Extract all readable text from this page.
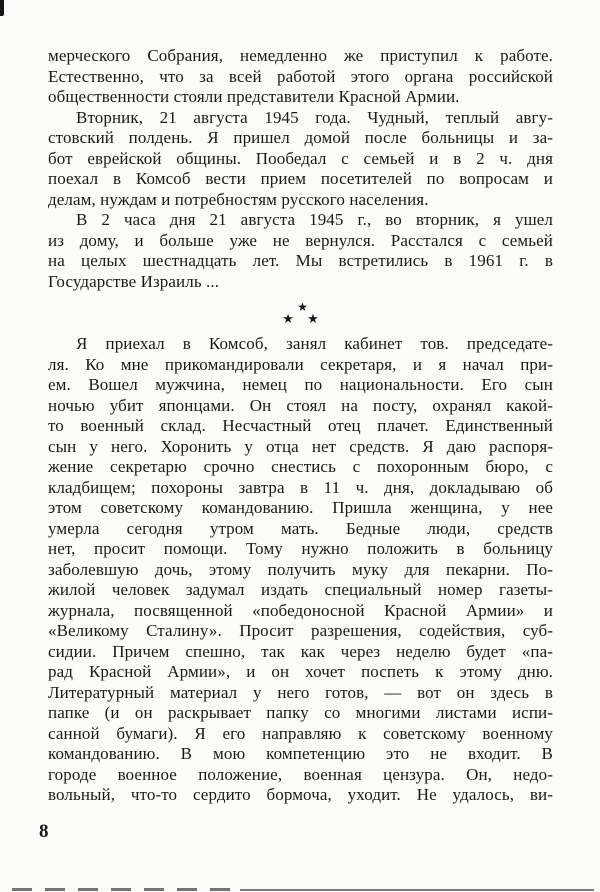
мерческого Собрания, немедленно же приступил к работе.
Естественно, что за всей работой этого органа российской
общественности стояли представители Красной Армии.
Вторник, 21 августа 1945 года. Чудный, теплый авгу-
стовский полдень. Я пришел домой после больницы и за-
бот еврейской общины. Пообедал с семьей и в 2 ч. дня
поехал в Комсоб вести прием посетителей по вопросам и
делам, нуждам и потребностям русского населения.
В 2 часа дня 21 августа 1945 г., во вторник, я ушел
из дому, и больше уже не вернулся. Расстался с семьей
на целых шестнадцать лет. Мы встретились в 1961 г. в
Государстве Израиль ...
★
★ ★
Я приехал в Комсоб, занял кабинет тов. председате-
ля. Ко мне прикомандировали секретаря, и я начал при-
ем. Вошел мужчина, немец по национальности. Его сын
ночью убит японцами. Он стоял на посту, охранял какой-
то военный склад. Несчастный отец плачет. Единственный
сын у него. Хоронить у отца нет средств. Я даю распоря-
жение секретарю срочно снестись с похоронным бюро, с
кладбищем; похороны завтра в 11 ч. дня, докладываю об
этом советскому командованию. Пришла женщина, у нее
умерла сегодня утром мать. Бедные люди, средств
нет, просит помощи. Тому нужно положить в больницу
заболевшую дочь, этому получить муку для пекарни. По-
жилой человек задумал издать специальный номер газеты-
журнала, посвященной «победоносной Красной Армии» и
«Великому Сталину». Просит разрешения, содействия, суб-
сидии. Причем спешно, так как через неделю будет «па-
рад Красной Армии», и он хочет поспеть к этому дню.
Литературный материал у него готов, — вот он здесь в
папке (и он раскрывает папку со многими листами испи-
санной бумаги). Я его направляю к советскому военному
командованию. В мою компетенцию это не входит. В
городе военное положение, военная цензура. Он, недо-
вольный, что-то сердито бормоча, уходит. Не удалось, ви-
8
